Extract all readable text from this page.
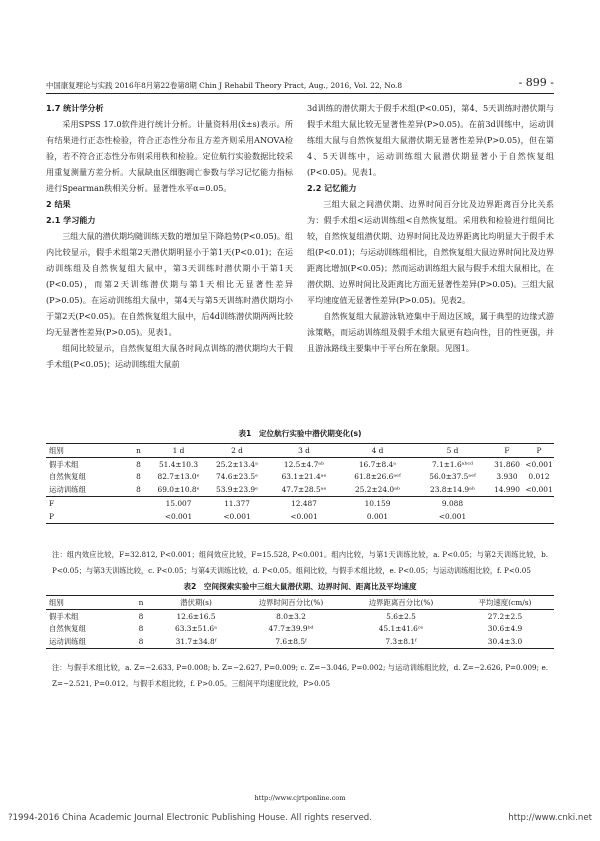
中国康复理论与实践 2016年8月第22卷第8期 Chin J Rehabil Theory Pract, Aug., 2016, Vol. 22, No.8	- 899 -

1.7 统计学分析

采用SPSS 17.0软件进行统计分析。计量资料用(x̄±s)表示。所有结果进行正态性检验，符合正态性分布且方差齐则采用ANOVA检验，若不符合正态性分布则采用秩和检验。定位航行实验数据比较采用重复测量方差分析。大鼠缺血区细胞凋亡参数与学习记忆能力指标进行Spearman秩相关分析。显著性水平α=0.05。

2 结果

2.1 学习能力

三组大鼠的潜伏期均随训练天数的增加呈下降趋势(P<0.05)。组内比较显示，假手术组第2天潜伏期明显小于第1天(P<0.01)；在运动训练组及自然恢复组大鼠中，第3天训练时潜伏期小于第1天(P<0.05)，而第2天训练潜伏期与第1天相比无显著性差异(P>0.05)。在运动训练组大鼠中，第4天与第5天训练时潜伏期均小于第2天(P<0.05)。在自然恢复组大鼠中，后4d训练潜伏期两两比较均无显著性差异(P>0.05)。见表1。

组间比较显示，自然恢复组大鼠各时间点训练的潜伏期均大于假手术组(P<0.05)；运动训练组大鼠前

3d训练的潜伏期大于假手术组(P<0.05)，第4、5天训练时潜伏期与假手术组大鼠比较无显著性差异(P>0.05)。在前3d训练中，运动训练组大鼠与自然恢复组大鼠潜伏期无显著性差异(P>0.05)，但在第4、5天训练中，运动训练组大鼠潜伏期显著小于自然恢复组(P<0.05)。见表1。

2.2 记忆能力

三组大鼠之间潜伏期、边界时间百分比及边界距离百分比关系为：假手术组<运动训练组<自然恢复组。采用秩和检验进行组间比较，自然恢复组潜伏期、边界时间比及边界距离比均明显大于假手术组(P<0.01)；与运动训练组相比，自然恢复组大鼠边界时间比及边界距离比增加(P<0.05)；然而运动训练组大鼠与假手术组大鼠相比，在潜伏期、边界时间比及距离比方面无显著性差异(P>0.05)。三组大鼠平均速度值无显著性差异(P>0.05)。见表2。

自然恢复组大鼠游泳轨迹集中于周边区域，属于典型的边缘式游泳策略，而运动训练组及假手术组大鼠更有趋向性，目的性更强，并且游泳路线主要集中于平台所在象限。见图1。

表1　定位航行实验中潜伏期变化(s)
组别	n	1 d	2 d	3 d	4 d	5 d	F	P
假手术组	8	51.4±10.3	25.2±13.4ᵃ	12.5±4.7ᵃᵇ	16.7±8.4ᵃ	7.1±1.6ᵃᵇᶜᵈ	31.860	<0.001
自然恢复组	8	82.7±13.0ᵉ	74.6±23.5ᵉ	63.1±21.4ᵃᵉ	61.8±26.6ᵃᵉᶠ	56.0±37.5ᵃᵉᶠ	3.930	0.012
运动训练组	8	69.0±10.8ᵉ	53.9±23.9ᵉ	47.7±28.5ᵃᵉ	25.2±24.0ᵃᵇ	23.8±14.9ᵃᵇ	14.990	<0.001
F		15.007	11.377	12.487	10.159	9.088		
P		<0.001	<0.001	<0.001	0.001	<0.001		
注：组内效应比较，F=32.812, P<0.001；组间效应比较，F=15.528, P<0.001。组内比较，与第1天训练比较，a. P<0.05；与第2天训练比较，b. P<0.05；与第3天训练比较，c. P<0.05；与第4天训练比较，d. P<0.05。组间比较，与假手术组比较，e. P<0.05；与运动训练组比较，f. P<0.05
表2　空间探索实验中三组大鼠潜伏期、边界时间、距离比及平均速度
组别	n	潜伏期(s)	边界时间百分比(%)	边界距离百分比(%)	平均速度(cm/s)
假手术组	8	12.6±16.5	8.0±3.2	5.6±2.5	27.2±2.5
自然恢复组	8	63.3±51.6ᵃ	47.7±39.9ᵇᵈ	45.1±41.6ᶜᵉ	30.6±4.9
运动训练组	8	31.7±34.8ᶠ	7.6±8.5ᶠ	7.3±8.1ᶠ	30.4±3.0
注：与假手术组比较，a. Z=−2.633, P=0.008; b. Z=−2.627, P=0.009; c. Z=−3.046, P=0.002; 与运动训练组比较，d. Z=−2.626, P=0.009; e. Z=−2.521, P=0.012。与假手术组比较，f. P>0.05。三组间平均速度比较，P>0.05
http://www.cjrtponline.com
?1994-2016 China Academic Journal Electronic Publishing House. All rights reserved.	http://www.cnki.net
